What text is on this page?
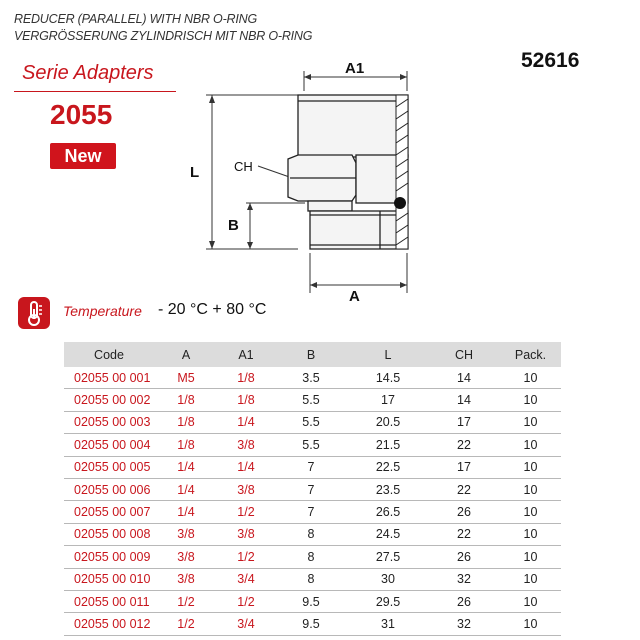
REDUCER (PARALLEL) WITH NBR O-RING
VERGRÖSSERUNG ZYLINDRISCH MIT NBR O-RING
52616
Serie Adapters
2055
New
A1
L
B
CH
A
Temperature - 20 °C + 80 °C
Code	A	A1	B	L	CH	Pack.
02055 00 001	M5	1/8	3.5	14.5	14	10
02055 00 002	1/8	1/8	5.5	17	14	10
02055 00 003	1/8	1/4	5.5	20.5	17	10
02055 00 004	1/8	3/8	5.5	21.5	22	10
02055 00 005	1/4	1/4	7	22.5	17	10
02055 00 006	1/4	3/8	7	23.5	22	10
02055 00 007	1/4	1/2	7	26.5	26	10
02055 00 008	3/8	3/8	8	24.5	22	10
02055 00 009	3/8	1/2	8	27.5	26	10
02055 00 010	3/8	3/4	8	30	32	10
02055 00 011	1/2	1/2	9.5	29.5	26	10
02055 00 012	1/2	3/4	9.5	31	32	10
